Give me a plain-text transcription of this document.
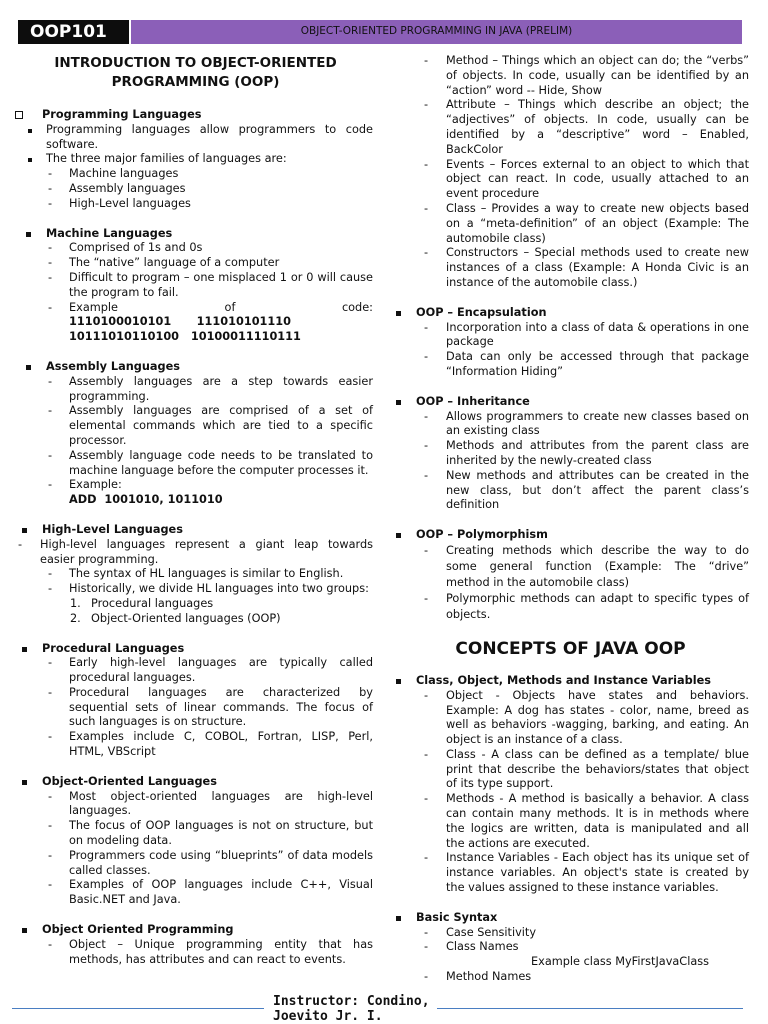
OOP101	OBJECT-ORIENTED PROGRAMMING IN JAVA (PRELIM)
INTRODUCTION TO OBJECT-ORIENTED PROGRAMMING (OOP)
Programming Languages
Programming languages allow programmers to code software.
The three major families of languages are:
- Machine languages
- Assembly languages
- High-Level languages
Machine Languages
- Comprised of 1s and 0s
- The “native” language of a computer
- Difficult to program – one misplaced 1 or 0 will cause the program to fail.
- Example	of	code:
1110100010101 111010101110
10111010110100   10100011110111
Assembly Languages
- Assembly languages are a step towards easier programming.
- Assembly languages are comprised of a set of elemental commands which are tied to a specific processor.
- Assembly language code needs to be translated to machine language before the computer processes it.
- Example:
ADD  1001010, 1011010
High-Level Languages
- High-level languages represent a giant leap towards easier programming.
- The syntax of HL languages is similar to English.
- Historically, we divide HL languages into two groups:
1. Procedural languages
2. Object-Oriented languages (OOP)
Procedural Languages
- Early high-level languages are typically called procedural languages.
- Procedural languages are characterized by sequential sets of linear commands. The focus of such languages is on structure.
- Examples include C, COBOL, Fortran, LISP, Perl, HTML, VBScript
Object-Oriented Languages
- Most object-oriented languages are high-level languages.
- The focus of OOP languages is not on structure, but on modeling data.
- Programmers code using “blueprints” of data models called classes.
- Examples of OOP languages include C++, Visual Basic.NET and Java.
Object Oriented Programming
- Object – Unique programming entity that has methods, has attributes and can react to events.
- Method – Things which an object can do; the “verbs” of objects. In code, usually can be identified by an “action” word -- Hide, Show
- Attribute – Things which describe an object; the “adjectives” of objects. In code, usually can be identified by a “descriptive” word – Enabled, BackColor
- Events – Forces external to an object to which that object can react. In code, usually attached to an event procedure
- Class – Provides a way to create new objects based on a “meta-definition” of an object (Example: The automobile class)
- Constructors – Special methods used to create new instances of a class (Example: A Honda Civic is an instance of the automobile class.)
OOP – Encapsulation
- Incorporation into a class of data & operations in one package
- Data can only be accessed through that package “Information Hiding”
OOP – Inheritance
- Allows programmers to create new classes based on an existing class
- Methods and attributes from the parent class are inherited by the newly-created class
- New methods and attributes can be created in the new class, but don’t affect the parent class’s definition
OOP – Polymorphism
- Creating methods which describe the way to do some general function (Example: The “drive” method in the automobile class)
- Polymorphic methods can adapt to specific types of objects.
CONCEPTS OF JAVA OOP
Class, Object, Methods and Instance Variables
- Object - Objects have states and behaviors. Example: A dog has states - color, name, breed as well as behaviors -wagging, barking, and eating. An object is an instance of a class.
- Class - A class can be defined as a template/ blue print that describe the behaviors/states that object of its type support.
- Methods - A method is basically a behavior. A class can contain many methods. It is in methods where the logics are written, data is manipulated and all the actions are executed.
- Instance Variables - Each object has its unique set of instance variables. An object's state is created by the values assigned to these instance variables.
Basic Syntax
- Case Sensitivity
- Class Names
Example class MyFirstJavaClass
- Method Names
Instructor: Condino,
Joevito Jr. I.
